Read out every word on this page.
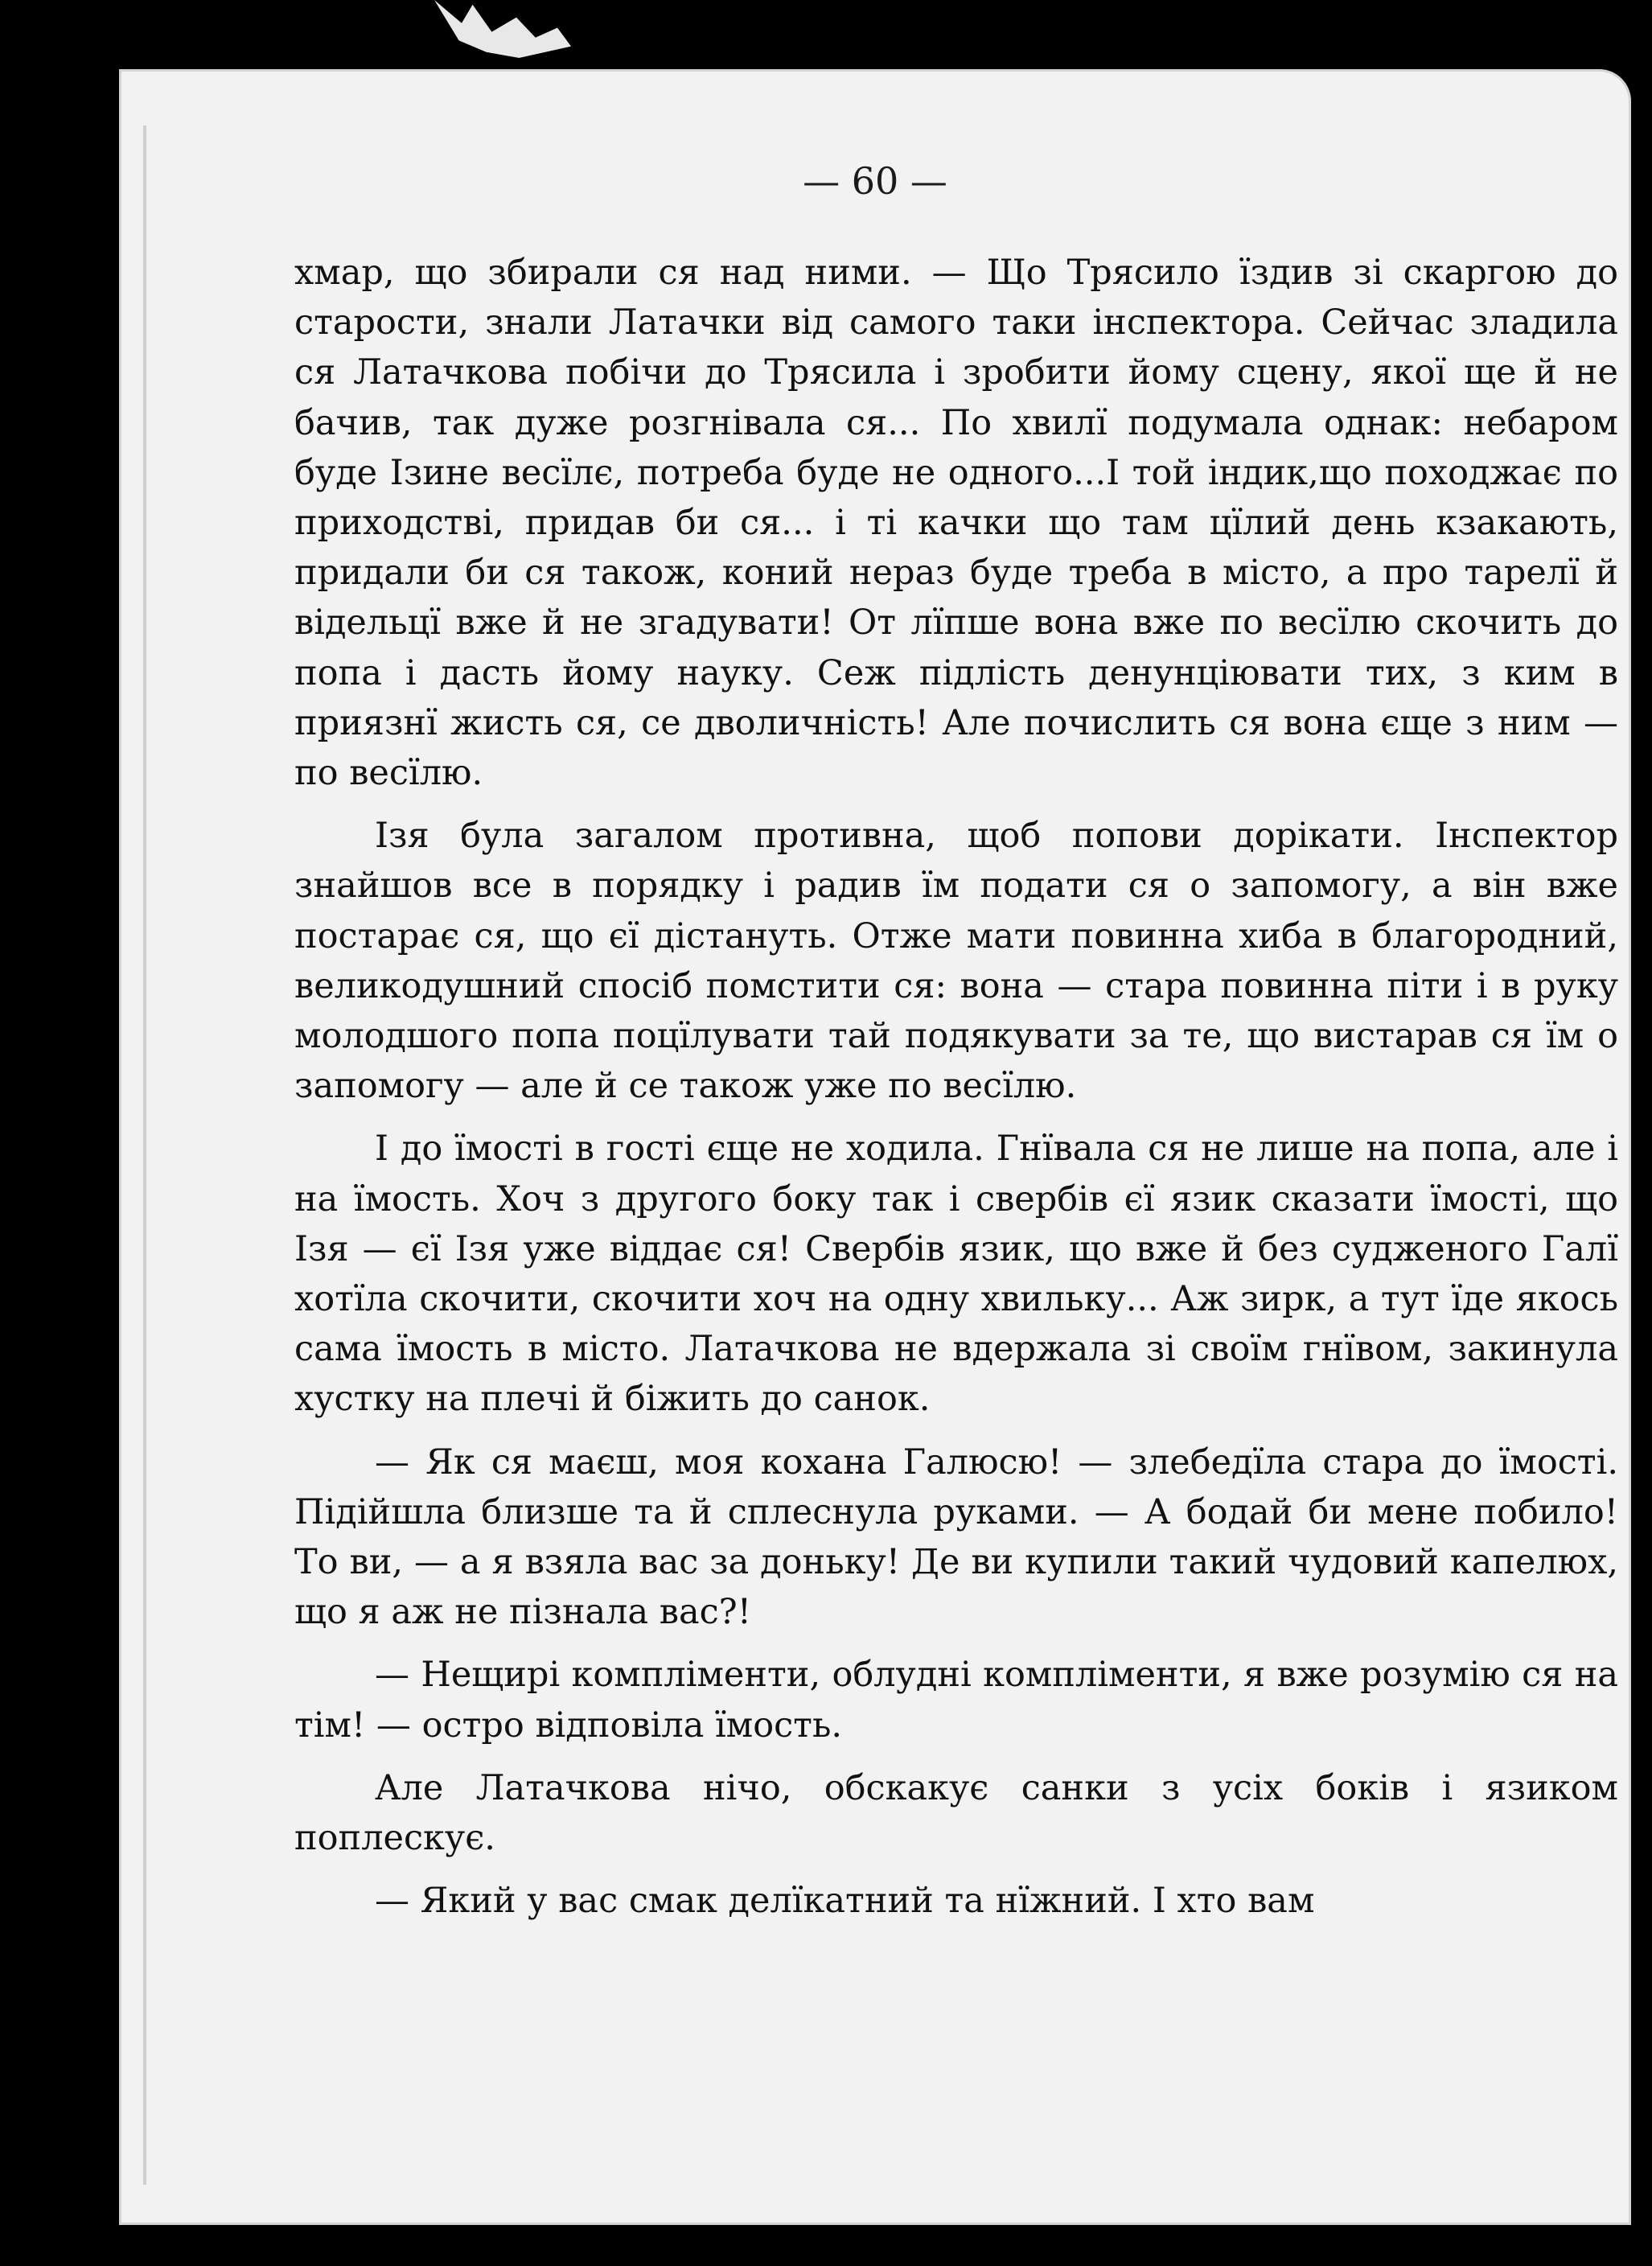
— 60 —

хмар, що збирали ся над ними. — Що Трясило їздив зі скаргою до старости, знали Латачки від самого таки інспектора. Сейчас зладила ся Латачкова побічи до Трясила і зробити йому сцену, якої ще й не бачив, так дуже розгнівала ся... По хвилї подумала однак: небаром буде Ізинe весїлє, потреба буде не одного...І той індик,що походжає по приходстві, придав би ся... і ті качки що там цїлий день кзакають, придали би ся також, коний нераз буде треба в місто, а про тарелї й відельцї вже й не згадувати! От лїпше вона вже по весїлю скочить до попа і дасть йому науку. Сеж підлість денунціювати тих, з ким в приязнї жисть ся, се дволичність! Але почислить ся вона єще з ним — по весїлю.

Ізя була загалом противна, щоб попови дорікати. Інспектор знайшов все в порядку і радив їм подати ся о запомогу, а він вже постарає ся, що єї дістануть. Отже мати повинна хиба в благородний, великодушний спосіб помстити ся: вона — стара повинна піти і в руку молодшого попа поцїлувати тай подякувати за те, що вистарав ся їм о запомогу — але й се також уже по весїлю.

І до їмості в гості єще не ходила. Гнївала ся не лише на попа, але і на їмость. Хоч з другого боку так і свербів єї язик сказати їмості, що Ізя — єї Ізя уже віддає ся! Свербів язик, що вже й без судженого Галї хотїла скочити, скочити хоч на одну хвильку... Аж зирк, а тут їде якось сама їмость в місто. Латачкова не вдержала зі своїм гнївом, закинула хустку на плечі й біжить до санок.

— Як ся маєш, моя кохана Галюсю! — злебедїла стара до їмості. Підійшла близше та й сплеснула руками. — А бодай би мене побило! То ви, — а я взяла вас за доньку! Де ви купили такий чудовий капелюх, що я аж не пізнала вас?!

— Нещирі компліменти, облудні компліменти, я вже розумію ся на тім! — остро відповіла їмость.

Але Латачкова нічо, обскакує санки з усіх боків і язиком поплескує.

— Який у вас смак делїкатний та нїжний. І хто вам
